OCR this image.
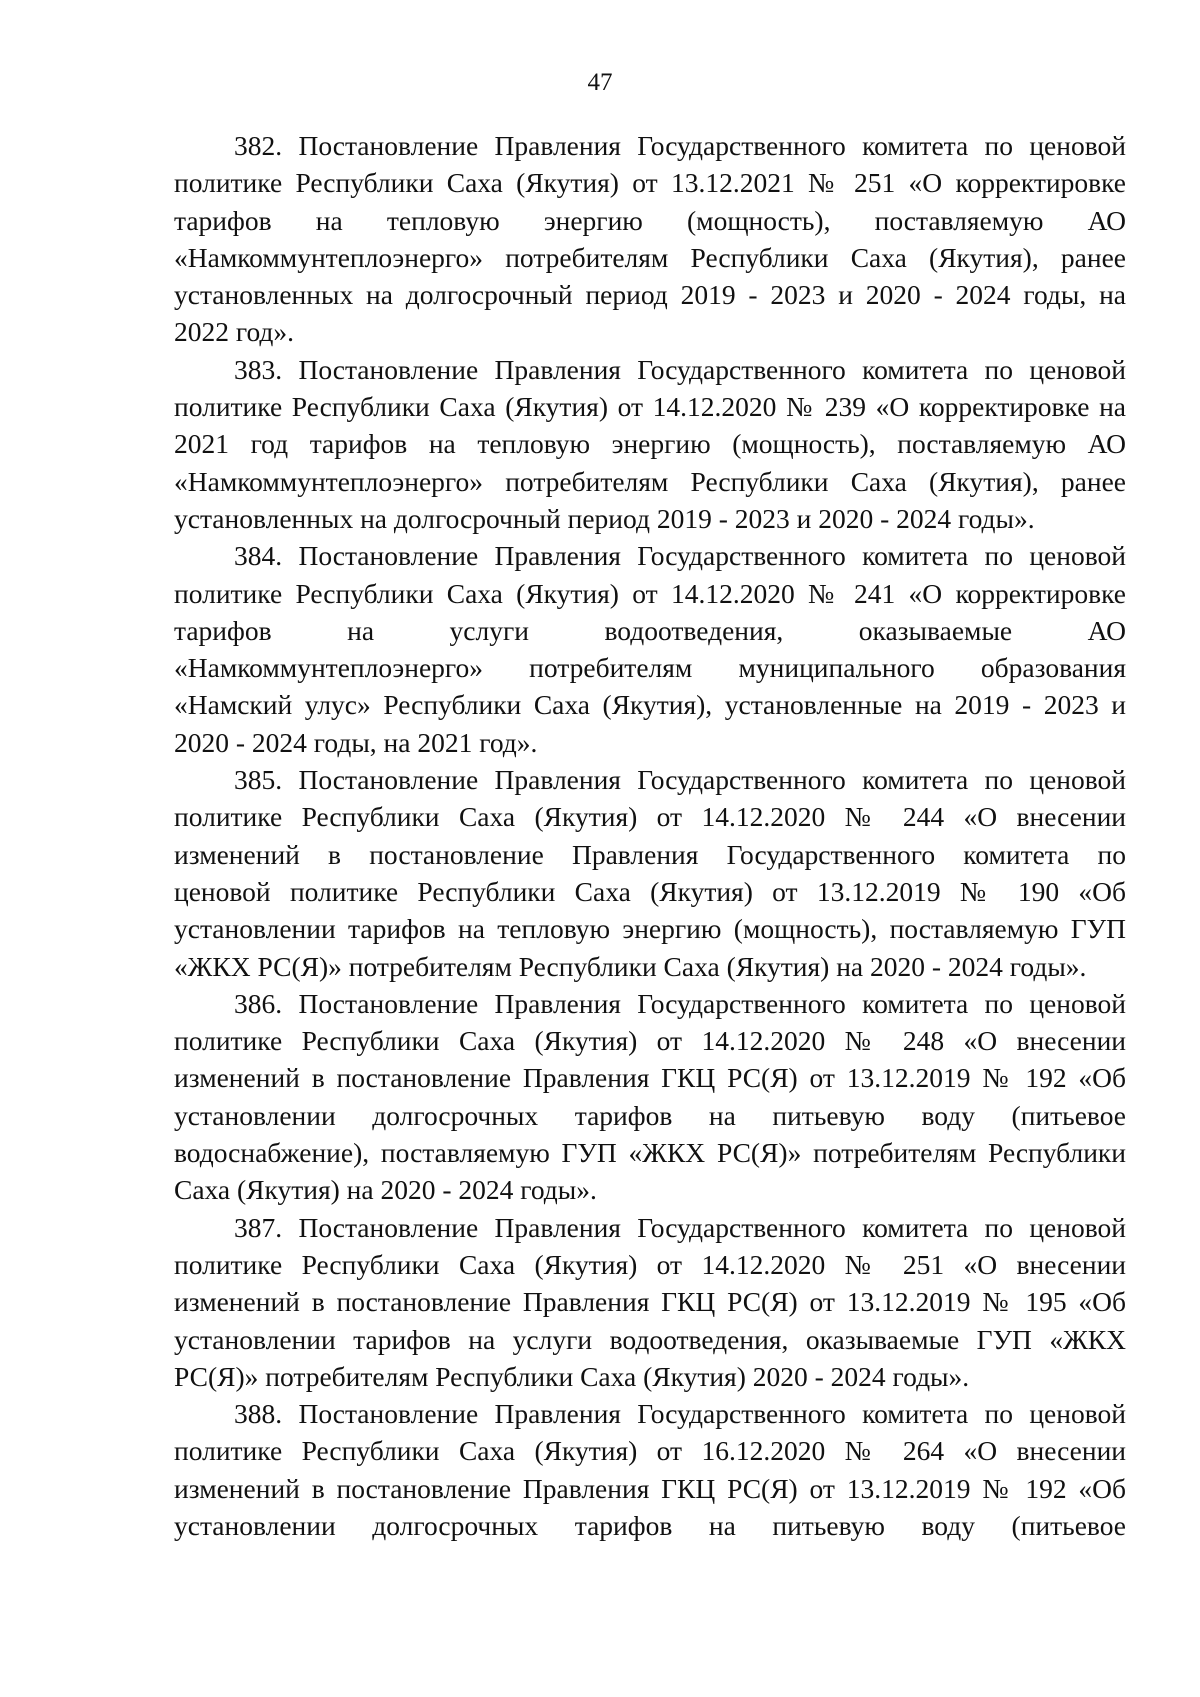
47
382. Постановление Правления Государственного комитета по ценовой
политике Республики Саха (Якутия) от 13.12.2021 № 251 «О корректировке
тарифов на тепловую энергию (мощность), поставляемую АО
«Намкоммунтеплоэнерго» потребителям Республики Саха (Якутия), ранее
установленных на долгосрочный период 2019 - 2023 и 2020 - 2024 годы, на
2022 год».
383. Постановление Правления Государственного комитета по ценовой
политике Республики Саха (Якутия) от 14.12.2020 № 239 «О корректировке на
2021 год тарифов на тепловую энергию (мощность), поставляемую АО
«Намкоммунтеплоэнерго» потребителям Республики Саха (Якутия), ранее
установленных на долгосрочный период 2019 - 2023 и 2020 - 2024 годы».
384. Постановление Правления Государственного комитета по ценовой
политике Республики Саха (Якутия) от 14.12.2020 № 241 «О корректировке
тарифов на услуги водоотведения, оказываемые АО
«Намкоммунтеплоэнерго» потребителям муниципального образования
«Намский улус» Республики Саха (Якутия), установленные на 2019 - 2023 и
2020 - 2024 годы, на 2021 год».
385. Постановление Правления Государственного комитета по ценовой
политике Республики Саха (Якутия) от 14.12.2020 № 244 «О внесении
изменений в постановление Правления Государственного комитета по
ценовой политике Республики Саха (Якутия) от 13.12.2019 № 190 «Об
установлении тарифов на тепловую энергию (мощность), поставляемую ГУП
«ЖКХ РС(Я)» потребителям Республики Саха (Якутия) на 2020 - 2024 годы».
386. Постановление Правления Государственного комитета по ценовой
политике Республики Саха (Якутия) от 14.12.2020 № 248 «О внесении
изменений в постановление Правления ГКЦ РС(Я) от 13.12.2019 № 192 «Об
установлении долгосрочных тарифов на питьевую воду (питьевое
водоснабжение), поставляемую ГУП «ЖКХ РС(Я)» потребителям Республики
Саха (Якутия) на 2020 - 2024 годы».
387. Постановление Правления Государственного комитета по ценовой
политике Республики Саха (Якутия) от 14.12.2020 № 251 «О внесении
изменений в постановление Правления ГКЦ РС(Я) от 13.12.2019 № 195 «Об
установлении тарифов на услуги водоотведения, оказываемые ГУП «ЖКХ
РС(Я)» потребителям Республики Саха (Якутия) 2020 - 2024 годы».
388. Постановление Правления Государственного комитета по ценовой
политике Республики Саха (Якутия) от 16.12.2020 № 264 «О внесении
изменений в постановление Правления ГКЦ РС(Я) от 13.12.2019 № 192 «Об
установлении долгосрочных тарифов на питьевую воду (питьевое
